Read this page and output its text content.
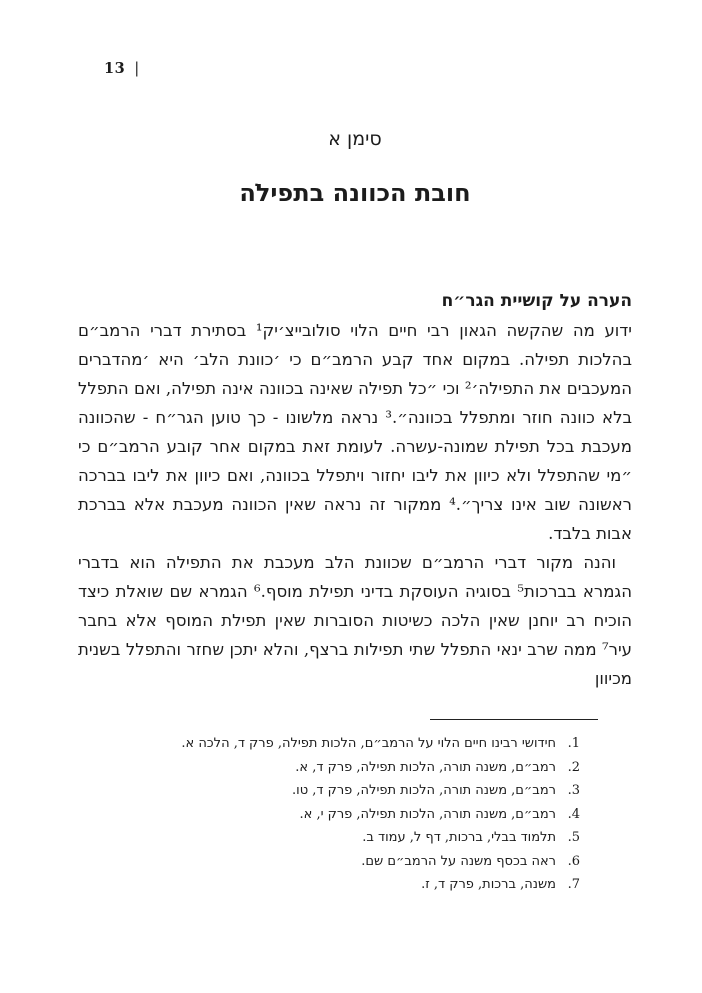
13 |
סימן א
חובת הכוונה בתפילֹה
הערה על קושיית הגר״ח

ידוע מה שהקשה הגאון רבי חיים הלוי סולובייצ׳יק¹ בסתירת דברי הרמב״ם בהלכות תפילה. במקום אחד קבע הרמב״ם כי ׳כוונת הלב׳ היא ׳מהדברים המעכבים את התפילה׳² וכי ״כל תפילה שאינה בכוונה אינה תפילה, ואם התפלל בלא כוונה חוזר ומתפלל בכוונה״.³ נראה מלשונו - כך טוען הגר״ח - שהכוונה מעכבת בכל תפילת שמונה-עשרה. לעומת זאת במקום אחר קובע הרמב״ם כי ״מי שהתפלל ולא כיוון את ליבו יחזור ויתפלל בכוונה, ואם כיוון את ליבו בברכה ראשונה שוב אינו צריך״.⁴ ממקור זה נראה שאין הכוונה מעכבת אלא בברכת אבות בלבד.

והנה מקור דברי הרמב״ם שכוונת הלב מעכבת את התפילה הוא בדברי הגמרא בברכות⁵ בסוגיה העוסקת בדיני תפילת מוסף.⁶ הגמרא שם שואלת כיצד הוכיח רב יוחנן שאין הלכה כשיטות הסוברות שאין תפילת המוסף אלא בחבר עיר⁷ ממה שרב ינאי התפלל שתי תפילות ברצף, והלא יתכן שחזר והתפלל בשנית מכיוון

1.
חידושי רבינו חיים הלוי על הרמב״ם, הלכות תפילה, פרק ד, הלכה א.
2.
רמב״ם, משנה תורה, הלכות תפילה, פרק ד, א.
3.
רמב״ם, משנה תורה, הלכות תפילה, פרק ד, טו.
4.
רמב״ם, משנה תורה, הלכות תפילה, פרק י, א.
5.
תלמוד בבלי, ברכות, דף ל, עמוד ב.
6.
ראה בכסף משנה על הרמב״ם שם.
7.
משנה, ברכות, פרק ד, ז.
